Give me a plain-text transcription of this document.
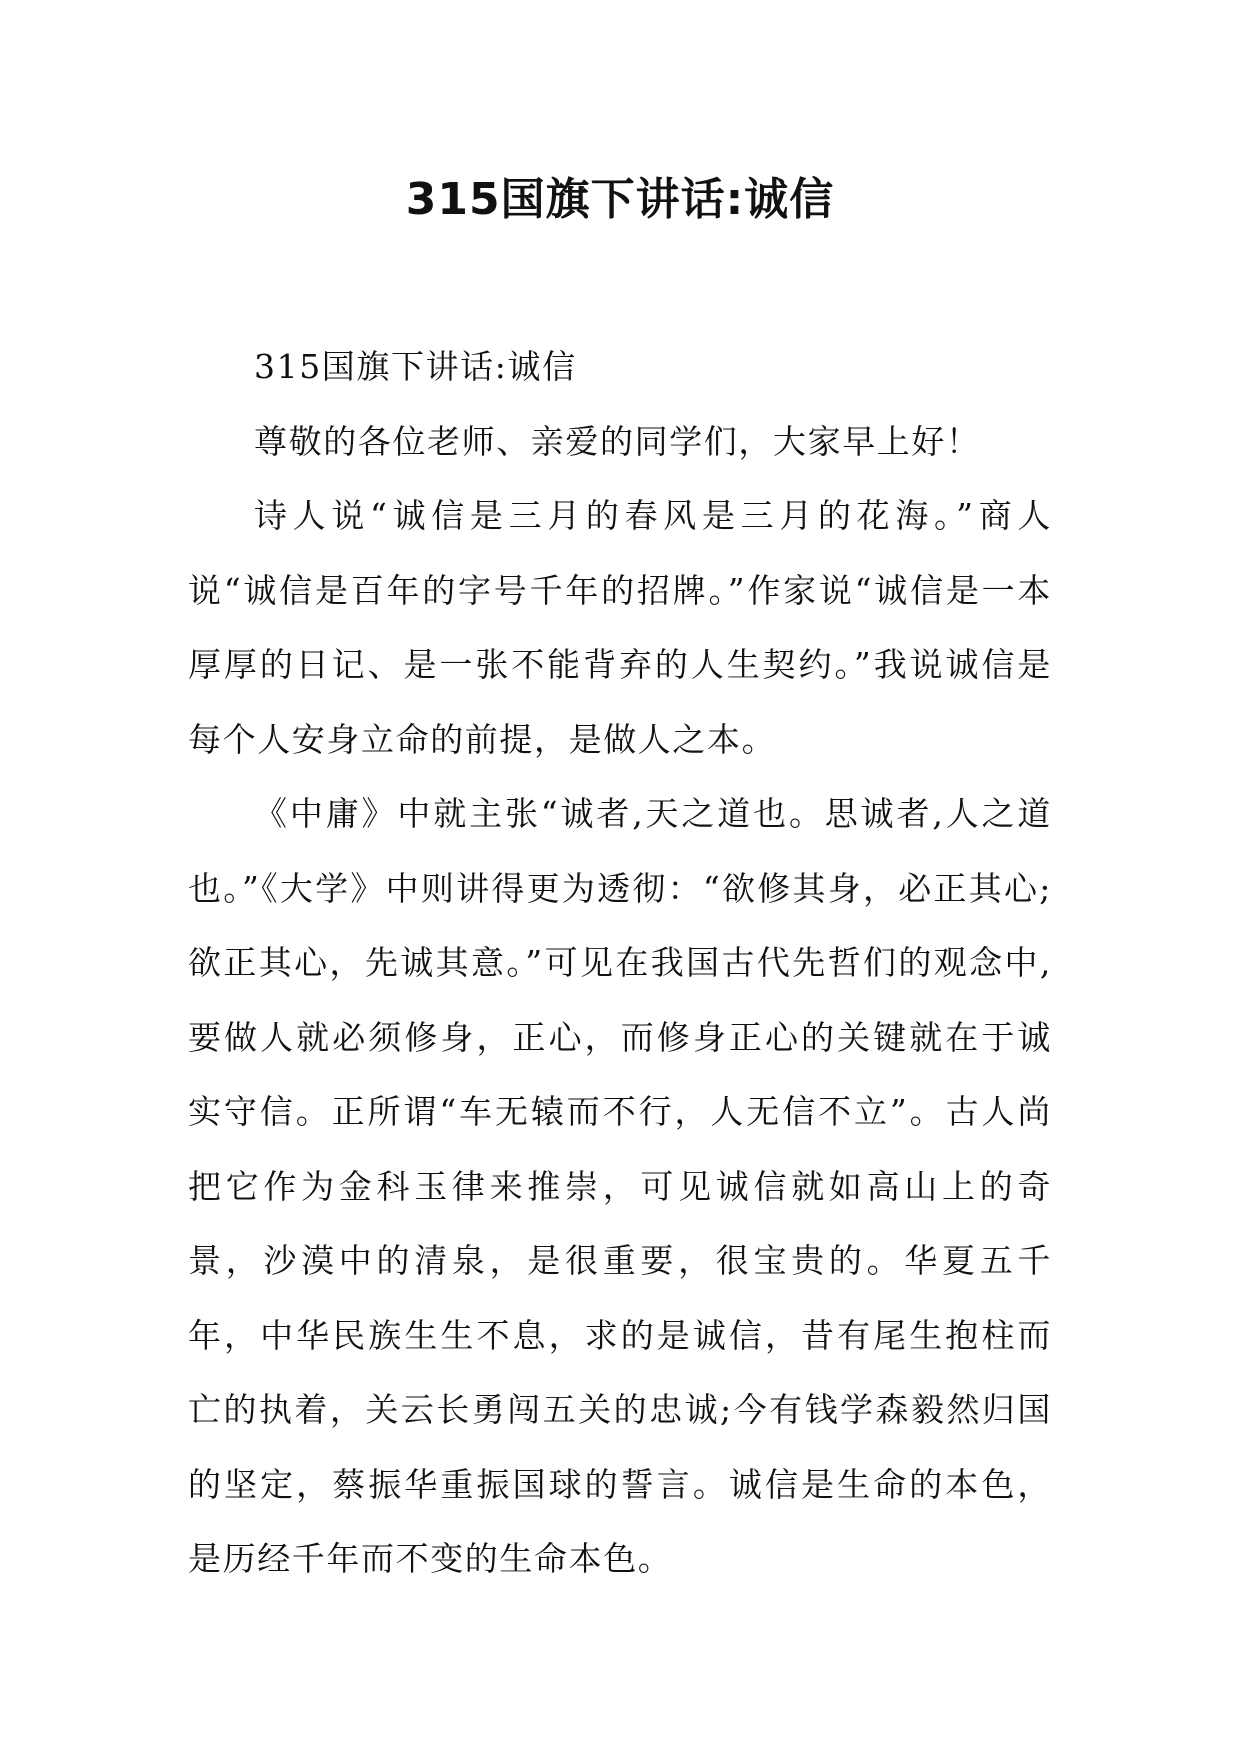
315国旗下讲话:诚信

315国旗下讲话:诚信

尊敬的各位老师、亲爱的同学们，大家早上好！

诗人说“诚信是三月的春风是三月的花海。”商人说“诚信是百年的字号千年的招牌。”作家说“诚信是一本厚厚的日记、是一张不能背弃的人生契约。”我说诚信是每个人安身立命的前提，是做人之本。

《中庸》中就主张“诚者,天之道也。思诚者,人之道也。”《大学》中则讲得更为透彻：“欲修其身，必正其心;欲正其心，先诚其意。”可见在我国古代先哲们的观念中,要做人就必须修身，正心，而修身正心的关键就在于诚实守信。正所谓“车无辕而不行，人无信不立”。古人尚把它作为金科玉律来推崇，可见诚信就如高山上的奇景，沙漠中的清泉，是很重要，很宝贵的。华夏五千年，中华民族生生不息，求的是诚信，昔有尾生抱柱而亡的执着，关云长勇闯五关的忠诚;今有钱学森毅然归国的坚定，蔡振华重振国球的誓言。诚信是生命的本色，是历经千年而不变的生命本色。
